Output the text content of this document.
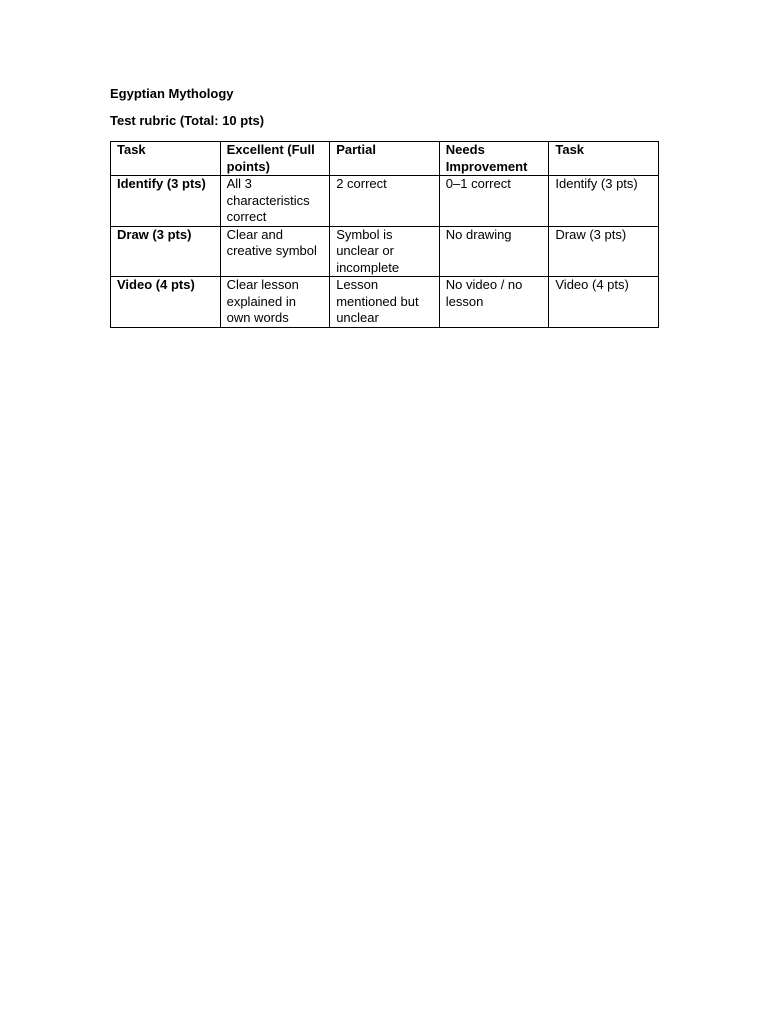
Egyptian Mythology
Test rubric (Total: 10 pts)
Task	Excellent (Full points)	Partial	Needs Improvement	Task
Identify (3 pts)	All 3 characteristics correct	2 correct	0–1 correct	Identify (3 pts)
Draw (3 pts)	Clear and creative symbol	Symbol is unclear or incomplete	No drawing	Draw (3 pts)
Video (4 pts)	Clear lesson explained in own words	Lesson mentioned but unclear	No video / no lesson	Video (4 pts)
